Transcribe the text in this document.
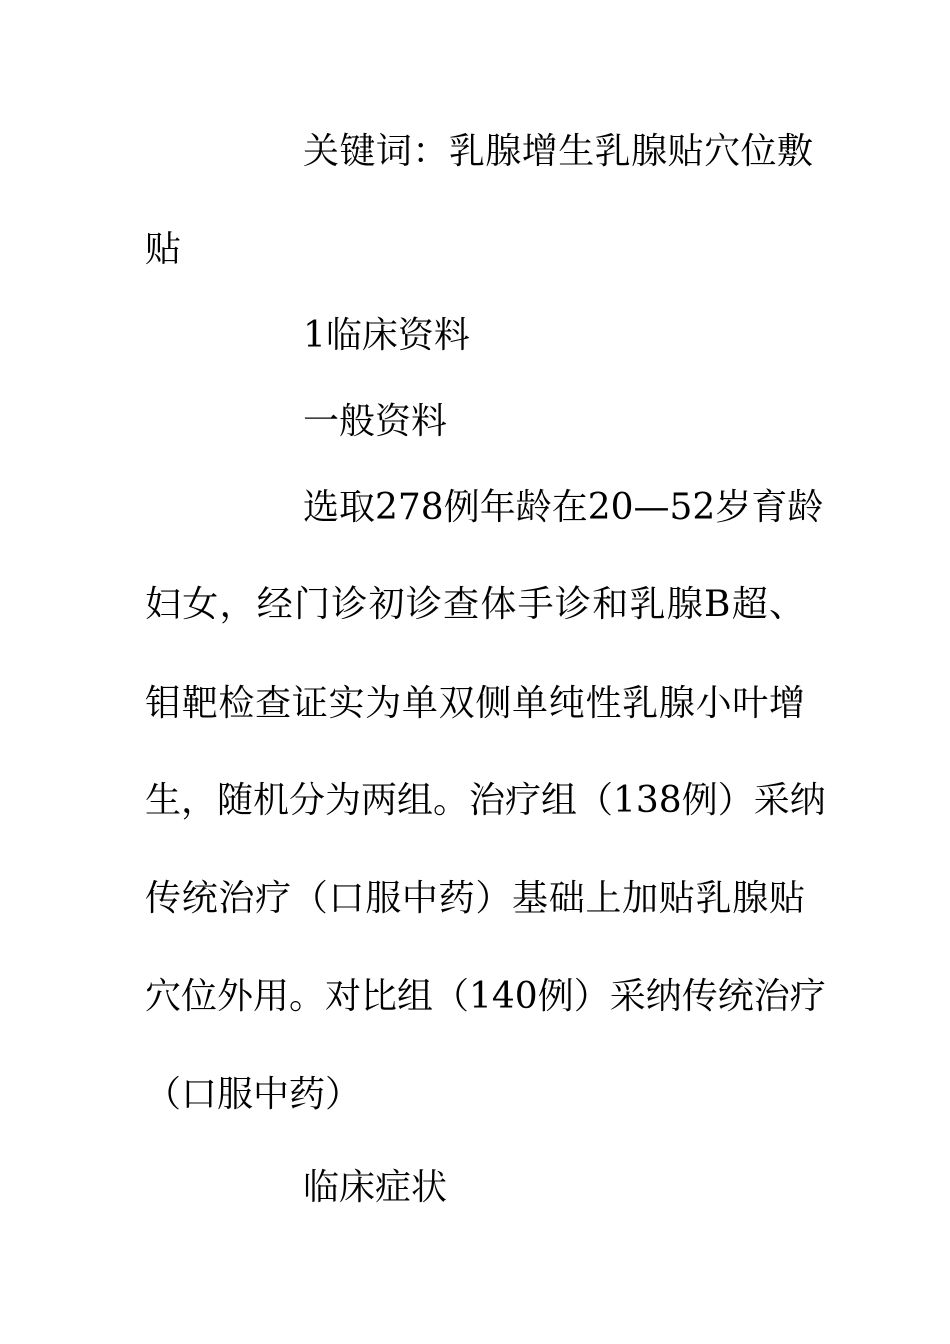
关键词：乳腺增生乳腺贴穴位敷
贴
1临床资料
一般资料
选取278例年龄在20—52岁育龄
妇女，经门诊初诊查体手诊和乳腺B超、
钼靶检查证实为单双侧单纯性乳腺小叶增
生，随机分为两组。治疗组（138例）采纳
传统治疗（口服中药）基础上加贴乳腺贴
穴位外用。对比组（140例）采纳传统治疗
（口服中药）
临床症状
